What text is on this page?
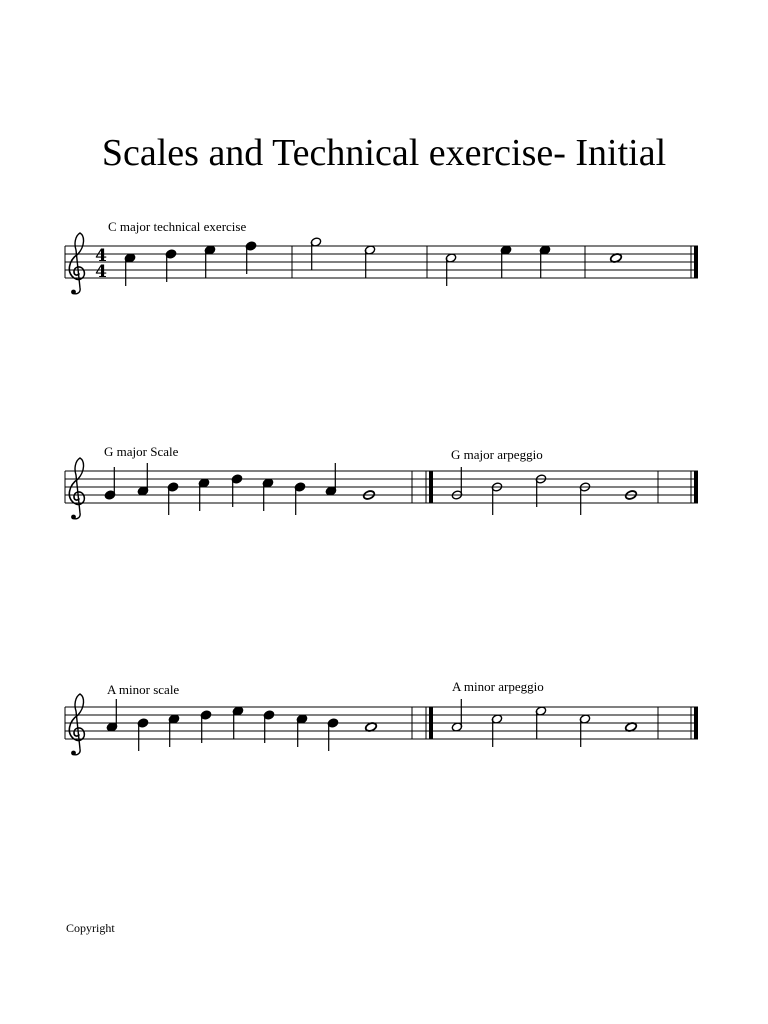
Scales and Technical exercise- Initial
C major technical exercise
G major Scale	G major arpeggio
A minor scale	A minor arpeggio
4
4
Copyright
